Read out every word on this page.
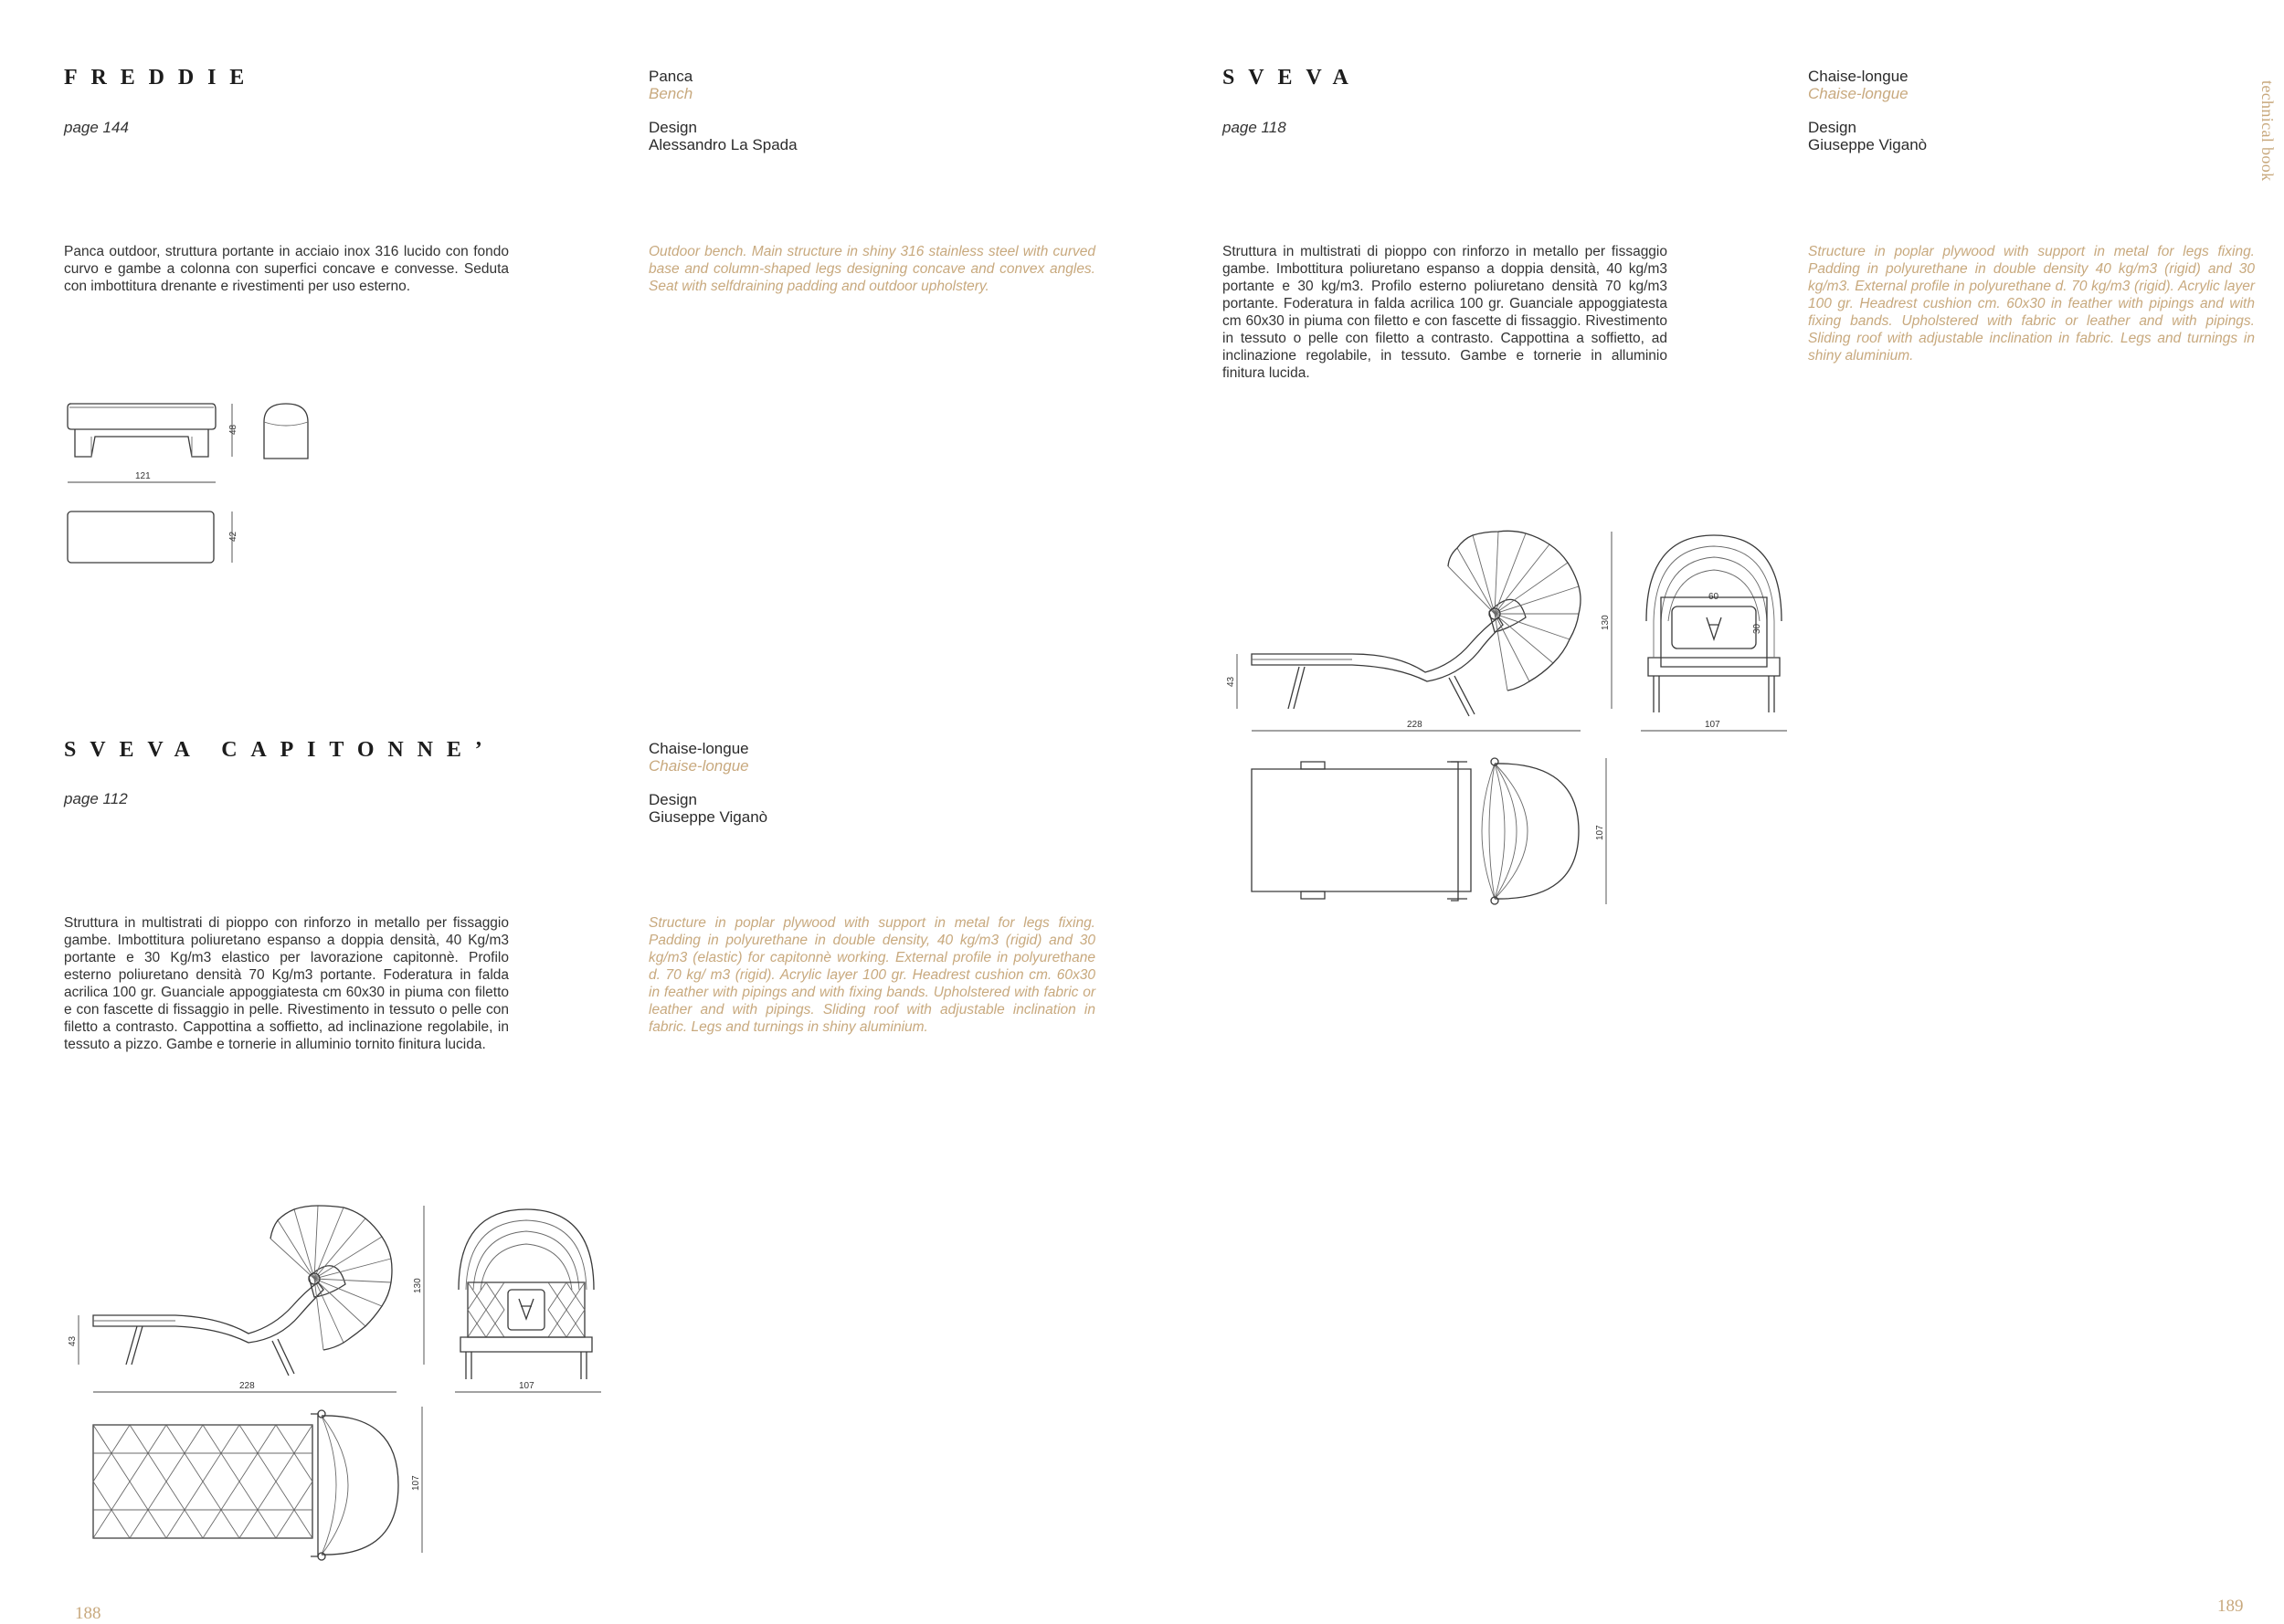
FREDDIE
page 144
Panca
Bench
Design
Alessandro La Spada
Panca outdoor, struttura portante in acciaio inox 316 lucido con fondo curvo e gambe a colonna con superfici concave e convesse. Seduta con imbottitura drenante e rivestimenti per uso esterno.
Outdoor bench. Main structure in shiny 316 stainless steel with curved base and column-shaped legs designing concave and convex angles. Seat with selfdraining padding and outdoor upholstery.
121
48
42
SVEVA
page 118
Chaise-longue
Chaise-longue
Design
Giuseppe Viganò
Struttura in multistrati di pioppo con rinforzo in metallo per fissaggio gambe. Imbottitura poliuretano espanso a doppia densità, 40 kg/m3 portante e 30 kg/m3. Profilo esterno poliuretano densità 70 kg/m3 portante. Foderatura in falda acrilica 100 gr. Guanciale appoggiatesta cm 60x30 in piuma con filetto e con fascette di fissaggio. Rivestimento in tessuto o pelle con filetto a contrasto. Cappottina a soffietto, ad inclinazione regolabile, in tessuto. Gambe e tornerie in alluminio finitura lucida.
Structure in poplar plywood with support in metal for legs fixing. Padding in polyurethane in double density 40 kg/m3 (rigid) and 30 kg/m3. External profile in polyurethane d. 70 kg/m3 (rigid). Acrylic layer 100 gr. Headrest cushion cm. 60x30 in feather with pipings and with fixing bands. Upholstered with fabric or leather and with pipings. Sliding roof with adjustable inclination in fabric. Legs and turnings in shiny aluminium.
228
43
130
60
30
107
107
SVEVA CAPITONNE’
page 112
Chaise-longue
Chaise-longue
Design
Giuseppe Viganò
Struttura in multistrati di pioppo con rinforzo in metallo per fissaggio gambe. Imbottitura poliuretano espanso a doppia densità, 40 Kg/m3 portante e 30 Kg/m3 elastico per lavorazione capitonnè. Profilo esterno poliuretano densità 70 Kg/m3 portante. Foderatura in falda acrilica 100 gr. Guanciale appoggiatesta cm 60x30 in piuma con filetto e con fascette di fissaggio in pelle. Rivestimento in tessuto o pelle con filetto a contrasto. Cappottina a soffietto, ad inclinazione regolabile, in tessuto a pizzo. Gambe e tornerie in alluminio tornito finitura lucida.
Structure in poplar plywood with support in metal for legs fixing. Padding in polyurethane in double density, 40 kg/m3 (rigid) and 30 kg/m3 (elastic) for capitonnè working. External profile in polyurethane d. 70 kg/ m3 (rigid). Acrylic layer 100 gr. Headrest cushion cm. 60x30 in feather with pipings and with fixing bands. Upholstered with fabric or leather and with pipings. Sliding roof with adjustable inclination in fabric. Legs and turnings in shiny aluminium.
228
43
130
107
107
technical book
188	189
